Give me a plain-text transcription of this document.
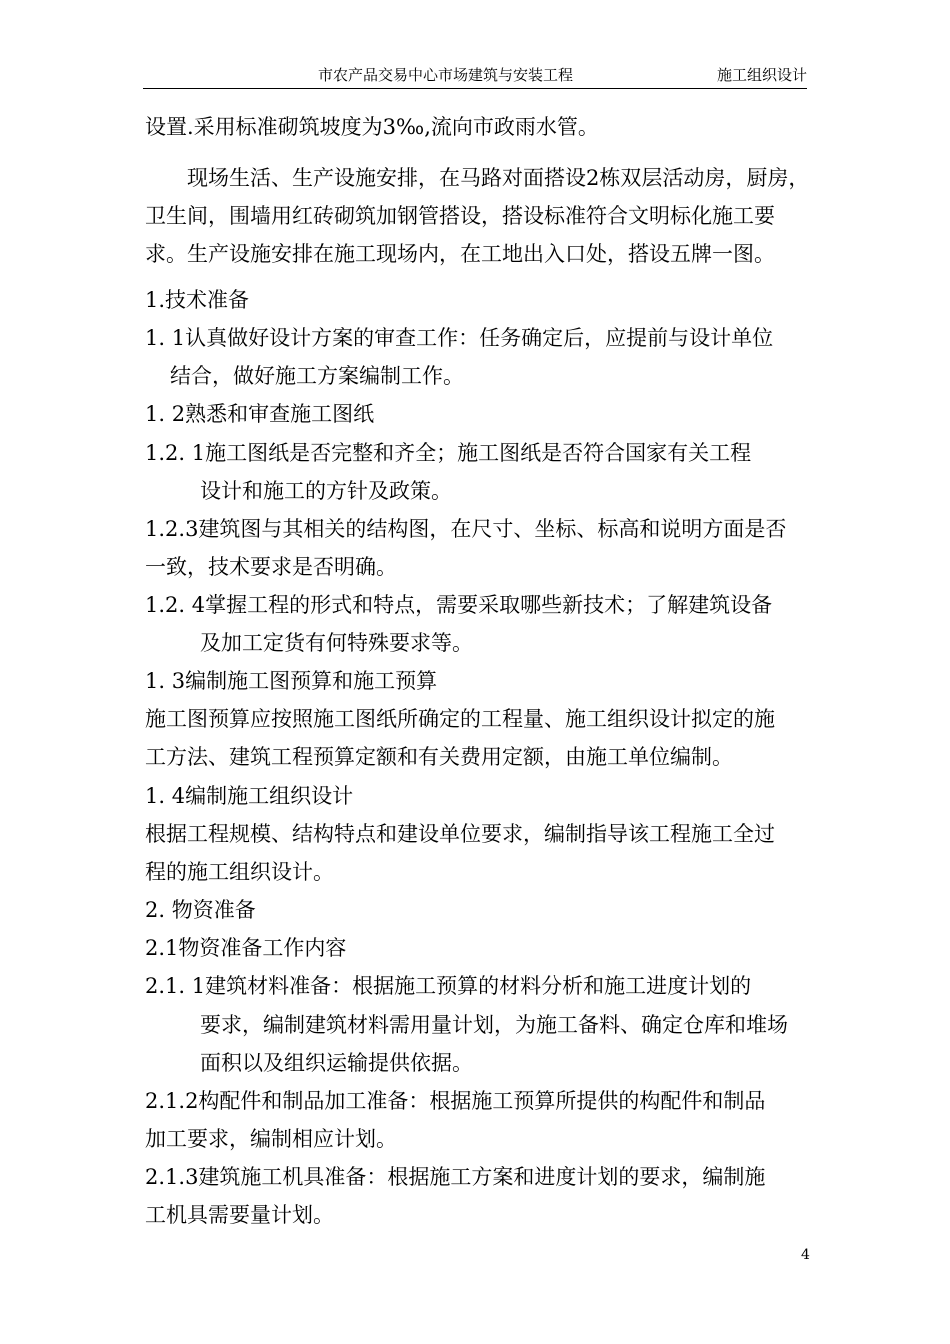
市农产品交易中心市场建筑与安装工程	施工组织设计
设置.采用标准砌筑坡度为3‰,流向市政雨水管。
现场生活、生产设施安排，在马路对面搭设2栋双层活动房，厨房，
卫生间，围墙用红砖砌筑加钢管搭设，搭设标准符合文明标化施工要
求。生产设施安排在施工现场内，在工地出入口处，搭设五牌一图。
1.技术准备
1. 1认真做好设计方案的审查工作：任务确定后，应提前与设计单位
结合，做好施工方案编制工作。
1. 2熟悉和审查施工图纸
1.2. 1施工图纸是否完整和齐全；施工图纸是否符合国家有关工程
设计和施工的方针及政策。
1.2.3建筑图与其相关的结构图，在尺寸、坐标、标高和说明方面是否
一致，技术要求是否明确。
1.2. 4掌握工程的形式和特点，需要采取哪些新技术；了解建筑设备
及加工定货有何特殊要求等。
1. 3编制施工图预算和施工预算
施工图预算应按照施工图纸所确定的工程量、施工组织设计拟定的施
工方法、建筑工程预算定额和有关费用定额，由施工单位编制。
1. 4编制施工组织设计
根据工程规模、结构特点和建设单位要求，编制指导该工程施工全过
程的施工组织设计。
2. 物资准备
2.1物资准备工作内容
2.1. 1建筑材料准备：根据施工预算的材料分析和施工进度计划的
要求，编制建筑材料需用量计划，为施工备料、确定仓库和堆场
面积以及组织运输提供依据。
2.1.2构配件和制品加工准备：根据施工预算所提供的构配件和制品
加工要求，编制相应计划。
2.1.3建筑施工机具准备：根据施工方案和进度计划的要求，编制施
工机具需要量计划。
4
